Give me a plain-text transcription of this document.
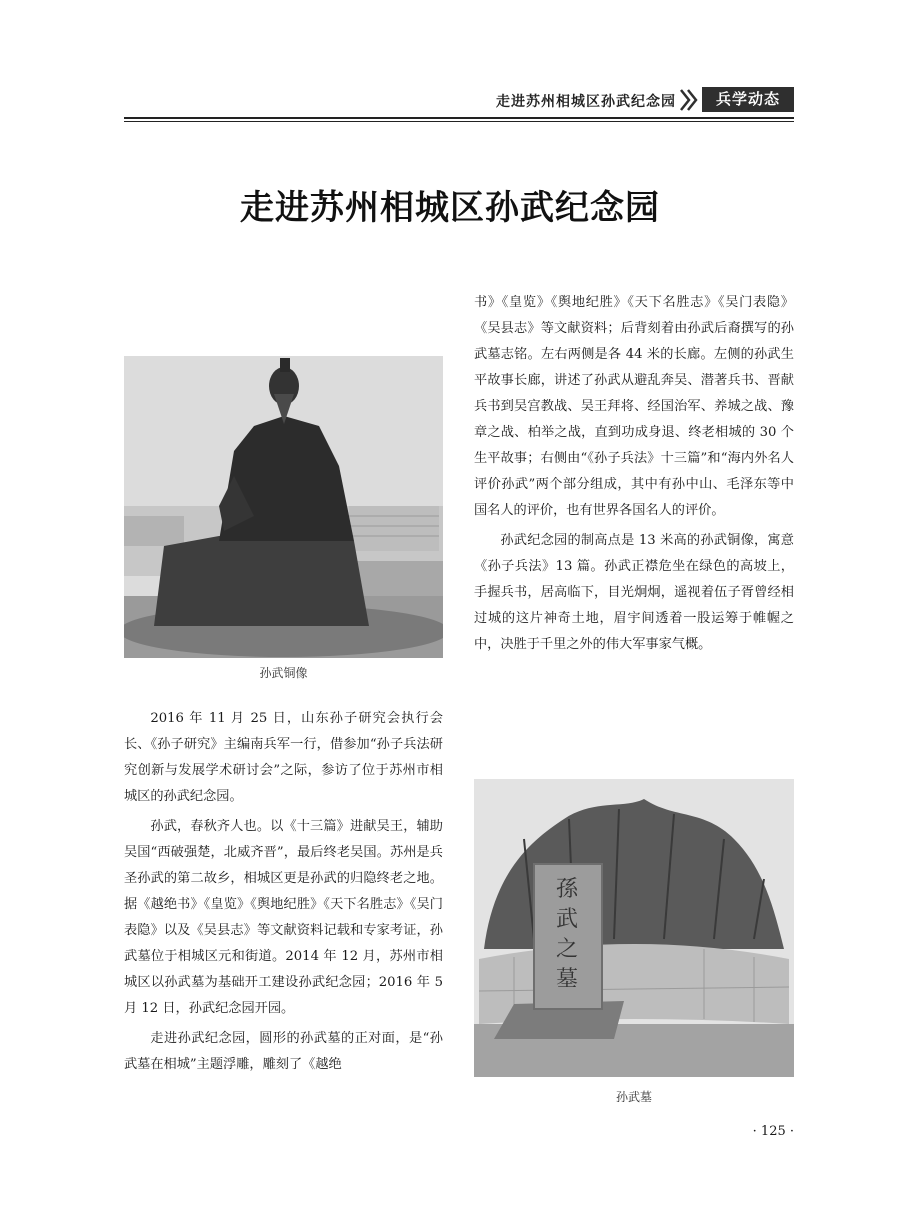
走进苏州相城区孙武纪念园	兵学动态
走进苏州相城区孙武纪念园
孙武铜像

2016 年 11 月 25 日，山东孙子研究会执行会长、《孙子研究》主编南兵军一行，借参加“孙子兵法研究创新与发展学术研讨会”之际，参访了位于苏州市相城区的孙武纪念园。

孙武，春秋齐人也。以《十三篇》进献吴王，辅助吴国“西破强楚，北威齐晋”，最后终老吴国。苏州是兵圣孙武的第二故乡，相城区更是孙武的归隐终老之地。据《越绝书》《皇览》《舆地纪胜》《天下名胜志》《吴门表隐》以及《吴县志》等文献资料记载和专家考证，孙武墓位于相城区元和街道。2014 年 12 月，苏州市相城区以孙武墓为基础开工建设孙武纪念园；2016 年 5 月 12 日，孙武纪念园开园。

走进孙武纪念园，圆形的孙武墓的正对面，是“孙武墓在相城”主题浮雕，雕刻了《越绝

书》《皇览》《舆地纪胜》《天下名胜志》《吴门表隐》《吴县志》等文献资料；后背刻着由孙武后裔撰写的孙武墓志铭。左右两侧是各 44 米的长廊。左侧的孙武生平故事长廊，讲述了孙武从避乱奔吴、潜著兵书、晋献兵书到吴宫教战、吴王拜将、经国治军、养城之战、豫章之战、柏举之战，直到功成身退、终老相城的 30 个生平故事；右侧由“《孙子兵法》十三篇”和“海内外名人评价孙武”两个部分组成，其中有孙中山、毛泽东等中国名人的评价，也有世界各国名人的评价。

孙武纪念园的制高点是 13 米高的孙武铜像，寓意《孙子兵法》13 篇。孙武正襟危坐在绿色的高坡上，手握兵书，居高临下，目光炯炯，遥视着伍子胥曾经相过城的这片神奇土地，眉宇间透着一股运筹于帷幄之中，决胜于千里之外的伟大军事家气概。

孫武之墓
孙武墓
· 125 ·
